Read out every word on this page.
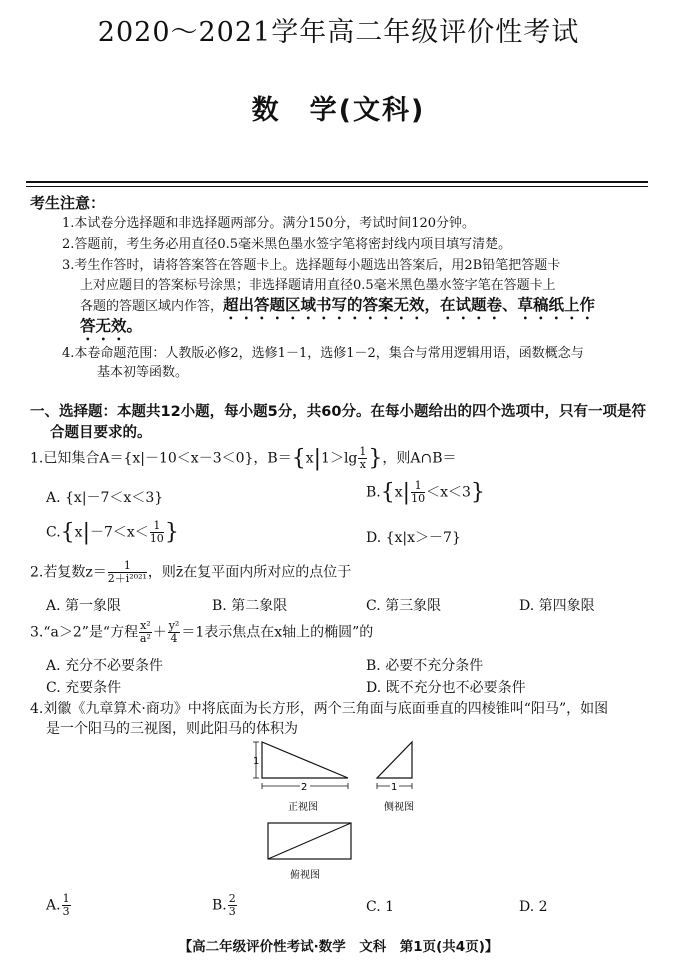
2020～2021学年高二年级评价性考试
数　学(文科)
考生注意：
1.本试卷分选择题和非选择题两部分。满分150分，考试时间120分钟。
2.答题前，考生务必用直径0.5毫米黑色墨水签字笔将密封线内项目填写清楚。
3.考生作答时，请将答案答在答题卡上。选择题每小题选出答案后，用2B铅笔把答题卡
上对应题目的答案标号涂黑；非选择题请用直径0.5毫米黑色墨水签字笔在答题卡上
各题的答题区域内作答，超出答题区域书写的答案无效，在试题卷、草稿纸上作
答无效。
4.本卷命题范围：人教版必修2，选修1－1，选修1－2，集合与常用逻辑用语，函数概念与
基本初等函数。
一、选择题：本题共12小题，每小题5分，共60分。在每小题给出的四个选项中，只有一项是符
合题目要求的。
1.已知集合A＝{x|－10＜x－3＜0}，$B=\{x|1>\lg \frac{1}{x}$ }，则A∩B＝
A. {x|－7＜x＜3}	$B.\{x| \frac{1}{10} <x<3\}$
$C.\{x|-7<x< \frac{1}{10}$ }	D. {x|x＞－7}
2.若复数$z= \frac{1}{\text{2＋i²⁰²¹}}$ ，则z̄在复平面内所对应的点位于
A. 第一象限	B. 第二象限	C. 第三象限	D. 第四象限
3.“a＞2”是“方程 $\frac{\text{x²}}{\text{a²}} + \frac{\text{y²}}{4} =1$表示焦点在x轴上的椭圆”的
A. 充分不必要条件	B. 必要不充分条件
C. 充要条件	D. 既不充分也不必要条件
4.刘徽《九章算术·商功》中将底面为长方形，两个三角面与底面垂直的四棱锥叫“阳马”，如图
是一个阳马的三视图，则此阳马的体积为
1
2
正视图
1
侧视图
俯视图
A. $\frac{1}{3}$	B. $\frac{2}{3}$	C. 1	D. 2
【高二年级评价性考试·数学　文科　第1页(共4页)】
